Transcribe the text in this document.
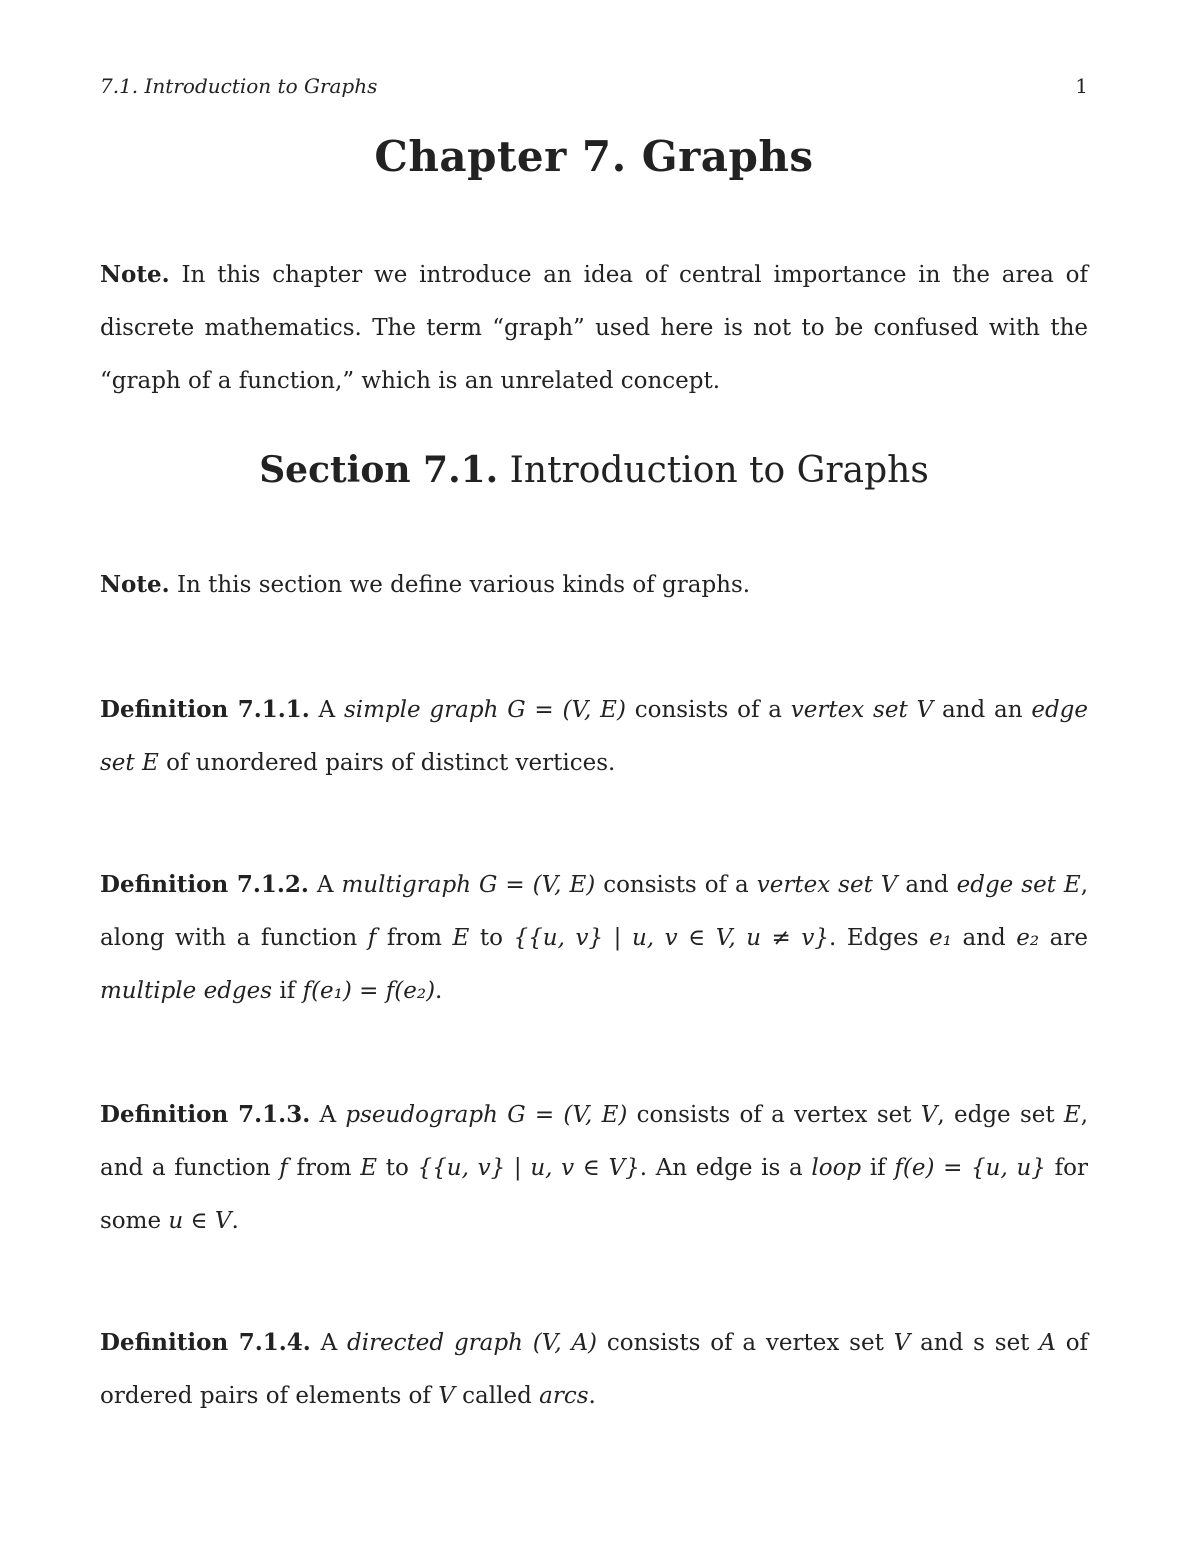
7.1. Introduction to Graphs	1
Chapter 7. Graphs
Note. In this chapter we introduce an idea of central importance in the area of discrete mathematics. The term “graph” used here is not to be confused with the “graph of a function,” which is an unrelated concept.
Section 7.1. Introduction to Graphs
Note. In this section we define various kinds of graphs.
Definition 7.1.1. A simple graph G = (V, E) consists of a vertex set V and an edge set E of unordered pairs of distinct vertices.
Definition 7.1.2. A multigraph G = (V, E) consists of a vertex set V and edge set E, along with a function f from E to {{u, v} | u, v ∈ V, u ≠ v}. Edges e₁ and e₂ are multiple edges if f(e₁) = f(e₂).
Definition 7.1.3. A pseudograph G = (V, E) consists of a vertex set V, edge set E, and a function f from E to {{u, v} | u, v ∈ V}. An edge is a loop if f(e) = {u, u} for some u ∈ V.
Definition 7.1.4. A directed graph (V, A) consists of a vertex set V and s set A of ordered pairs of elements of V called arcs.
